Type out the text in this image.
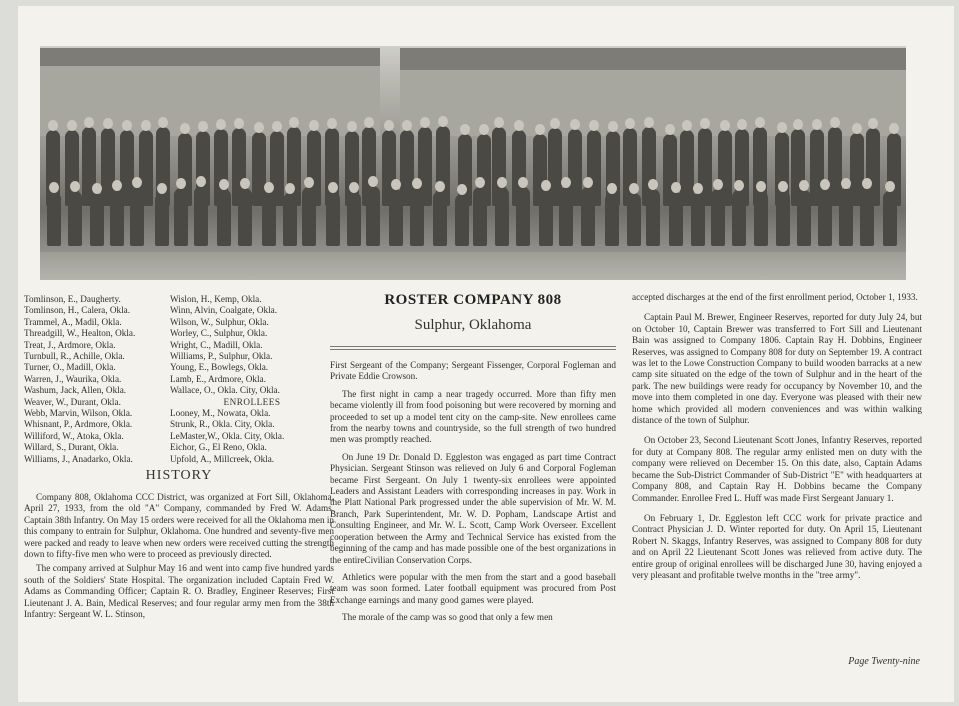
Tomlinson, E., Daugherty.	Wislon, H., Kemp, Okla.
Tomlinson, H., Calera, Okla.	Winn, Alvin, Coalgate, Okla.
Trammel, A., Madil, Okla.	Wilson, W., Sulphur, Okla.
Threadgill, W., Healton, Okla.	Worley, C., Sulphur, Okla.
Treat, J., Ardmore, Okla.	Wright, C., Madill, Okla.
Turnbull, R., Achille, Okla.	Williams, P., Sulphur, Okla.
Turner, O., Madill, Okla.	Young, E., Bowlegs, Okla.
Warren, J., Waurika, Okla.	Lamb, E., Ardmore, Okla.
Washum, Jack, Allen, Okla.	Wallace, O., Okla. City, Okla.
Weaver, W., Durant, Okla.	ENROLLEES
Webb, Marvin, Wilson, Okla.	Looney, M., Nowata, Okla.
Whisnant, P., Ardmore, Okla.	Strunk, R., Okla. City, Okla.
Williford, W., Atoka, Okla.	LeMaster,W., Okla. City, Okla.
Willard, S., Durant, Okla.	Eichor, G., El Reno, Okla.
Williams, J., Anadarko, Okla.	Upfold, A., Millcreek, Okla.
HISTORY

Company 808, Oklahoma CCC District, was organized at Fort Sill, Oklahoma, April 27, 1933, from the old "A" Company, commanded by Fred W. Adams, Captain 38th Infantry. On May 15 orders were received for all the Oklahoma men in this company to entrain for Sulphur, Oklahoma. One hundred and seventy-five men were packed and ready to leave when new orders were received cutting the strength down to fifty-five men who were to proceed as previously directed.

The company arrived at Sulphur May 16 and went into camp five hundred yards south of the Soldiers' State Hospital. The organization included Captain Fred W. Adams as Commanding Officer; Captain R. O. Bradley, Engineer Reserves; First Lieutenant J. A. Bain, Medical Reserves; and four regular army men from the 38th Infantry: Sergeant W. L. Stinson,

ROSTER COMPANY 808
Sulphur, Oklahoma

First Sergeant of the Company; Sergeant Fissenger, Corporal Fogleman and Private Eddie Crowson.

The first night in camp a near tragedy occurred. More than fifty men became violently ill from food poisoning but were recovered by morning and proceeded to set up a model tent city on the camp-site. New enrollees came from the nearby towns and countryside, so the full strength of two hundred men was promptly reached.

On June 19 Dr. Donald D. Eggleston was engaged as part time Contract Physician. Sergeant Stinson was relieved on July 6 and Corporal Fogleman became First Sergeant. On July 1 twenty-six enrollees were appointed Leaders and Assistant Leaders with corresponding increases in pay. Work in the Platt National Park progressed under the able supervision of Mr. W. M. Branch, Park Superintendent, Mr. W. D. Popham, Landscape Artist and Consulting Engineer, and Mr. W. L. Scott, Camp Work Overseer. Excellent cooperation between the Army and Technical Service has existed from the beginning of the camp and has made possible one of the best organizations in the entireCivilian Conservation Corps.

Athletics were popular with the men from the start and a good baseball team was soon formed. Later football equipment was procured from Post Exchange earnings and many good games were played.

The morale of the camp was so good that only a few men

accepted discharges at the end of the first enrollment period, October 1, 1933.

Captain Paul M. Brewer, Engineer Reserves, reported for duty July 24, but on October 10, Captain Brewer was transferred to Fort Sill and Lieutenant Bain was assigned to Company 1806. Captain Ray H. Dobbins, Engineer Reserves, was assigned to Company 808 for duty on September 19. A contract was let to the Lowe Construction Company to build wooden barracks at a new camp site situated on the edge of the town of Sulphur and in the heart of the park. The new buildings were ready for occupancy by November 10, and the move into them completed in one day. Everyone was pleased with their new home which provided all modern conveniences and was within walking distance of the town of Sulphur.

On October 23, Second Lieutenant Scott Jones, Infantry Reserves, reported for duty at Company 808. The regular army enlisted men on duty with the company were relieved on December 15. On this date, also, Captain Adams became the Sub-District Commander of Sub-District "E" with headquarters at Company 808, and Captain Ray H. Dobbins became the Company Commander. Enrollee Fred L. Huff was made First Sergeant January 1.

On February 1, Dr. Eggleston left CCC work for private practice and Contract Physician J. D. Winter reported for duty. On April 15, Lieutenant Robert N. Skaggs, Infantry Reserves, was assigned to Company 808 for duty and on April 22 Lieutenant Scott Jones was relieved from active duty. The entire group of original enrollees will be discharged June 30, having enjoyed a very pleasant and profitable twelve months in the "tree army".

Page Twenty-nine
